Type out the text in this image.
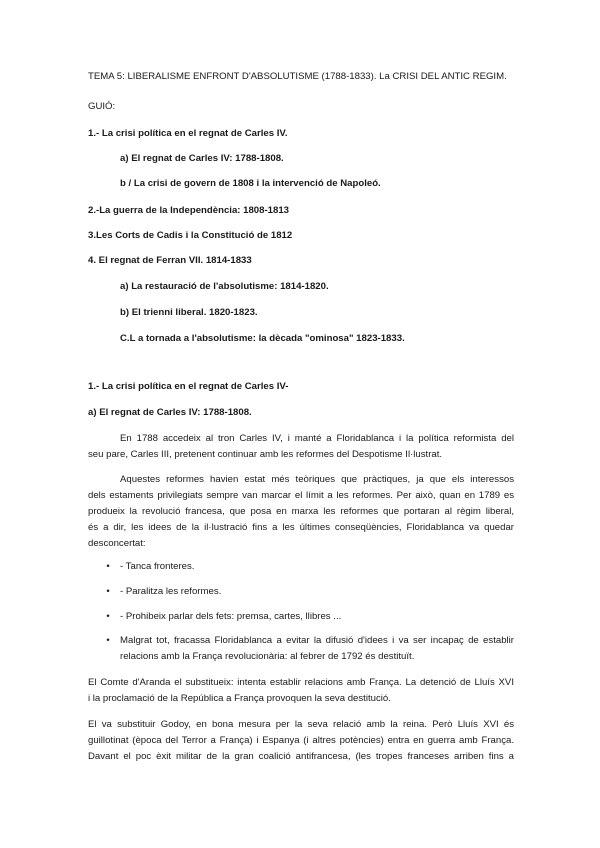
TEMA 5: LIBERALISME ENFRONT D'ABSOLUTISME (1788-1833). La CRISI DEL ANTIC REGIM.
GUIÓ:
1.- La crisi política en el regnat de Carles IV.
a) El regnat de Carles IV: 1788-1808.
b / La crisi de govern de 1808 i la intervenció de Napoleó.
2.-La guerra de la Independència: 1808-1813
3.Les Corts de Cadis i la Constitució de 1812
4. El regnat de Ferran VII. 1814-1833
a) La restauració de l'absolutisme: 1814-1820.
b) El trienni liberal. 1820-1823.
C.L a tornada a l'absolutisme: la dècada "ominosa" 1823-1833.
1.- La crisi política en el regnat de Carles IV-
a) El regnat de Carles IV: 1788-1808.
En 1788 accedeix al tron Carles IV, i manté a Floridablanca i la política reformista del
seu pare, Carles III, pretenent continuar amb les reformes del Despotisme Il·lustrat.
Aquestes reformes havien estat més teòriques que pràctiques, ja que els interessos
dels estaments privilegiats sempre van marcar el límit a les reformes. Per això, quan en 1789 es
produeix la revolució francesa, que posa en marxa les reformes que portaran al règim liberal,
és a dir, les idees de la il·lustració fins a les últimes conseqüències, Floridablanca va quedar
desconcertat:
• - Tanca fronteres.
• - Paralitza les reformes.
• - Prohibeix parlar dels fets: premsa, cartes, llibres ...
• Malgrat tot, fracassa Floridablanca a evitar la difusió d'idees i va ser incapaç de establir
relacions amb la França revolucionària: al febrer de 1792 és destituït.
El Comte d'Aranda el substitueix: intenta establir relacions amb França. La detenció de Lluís XVI
i la proclamació de la República a França provoquen la seva destitució.
El va substituir Godoy, en bona mesura per la seva relació amb la reina. Però Lluís XVI és
guillotinat (època del Terror a França) i Espanya (i altres potències) entra en guerra amb França.
Davant el poc èxit militar de la gran coalició antifrancesa, (les tropes franceses arriben fins a
